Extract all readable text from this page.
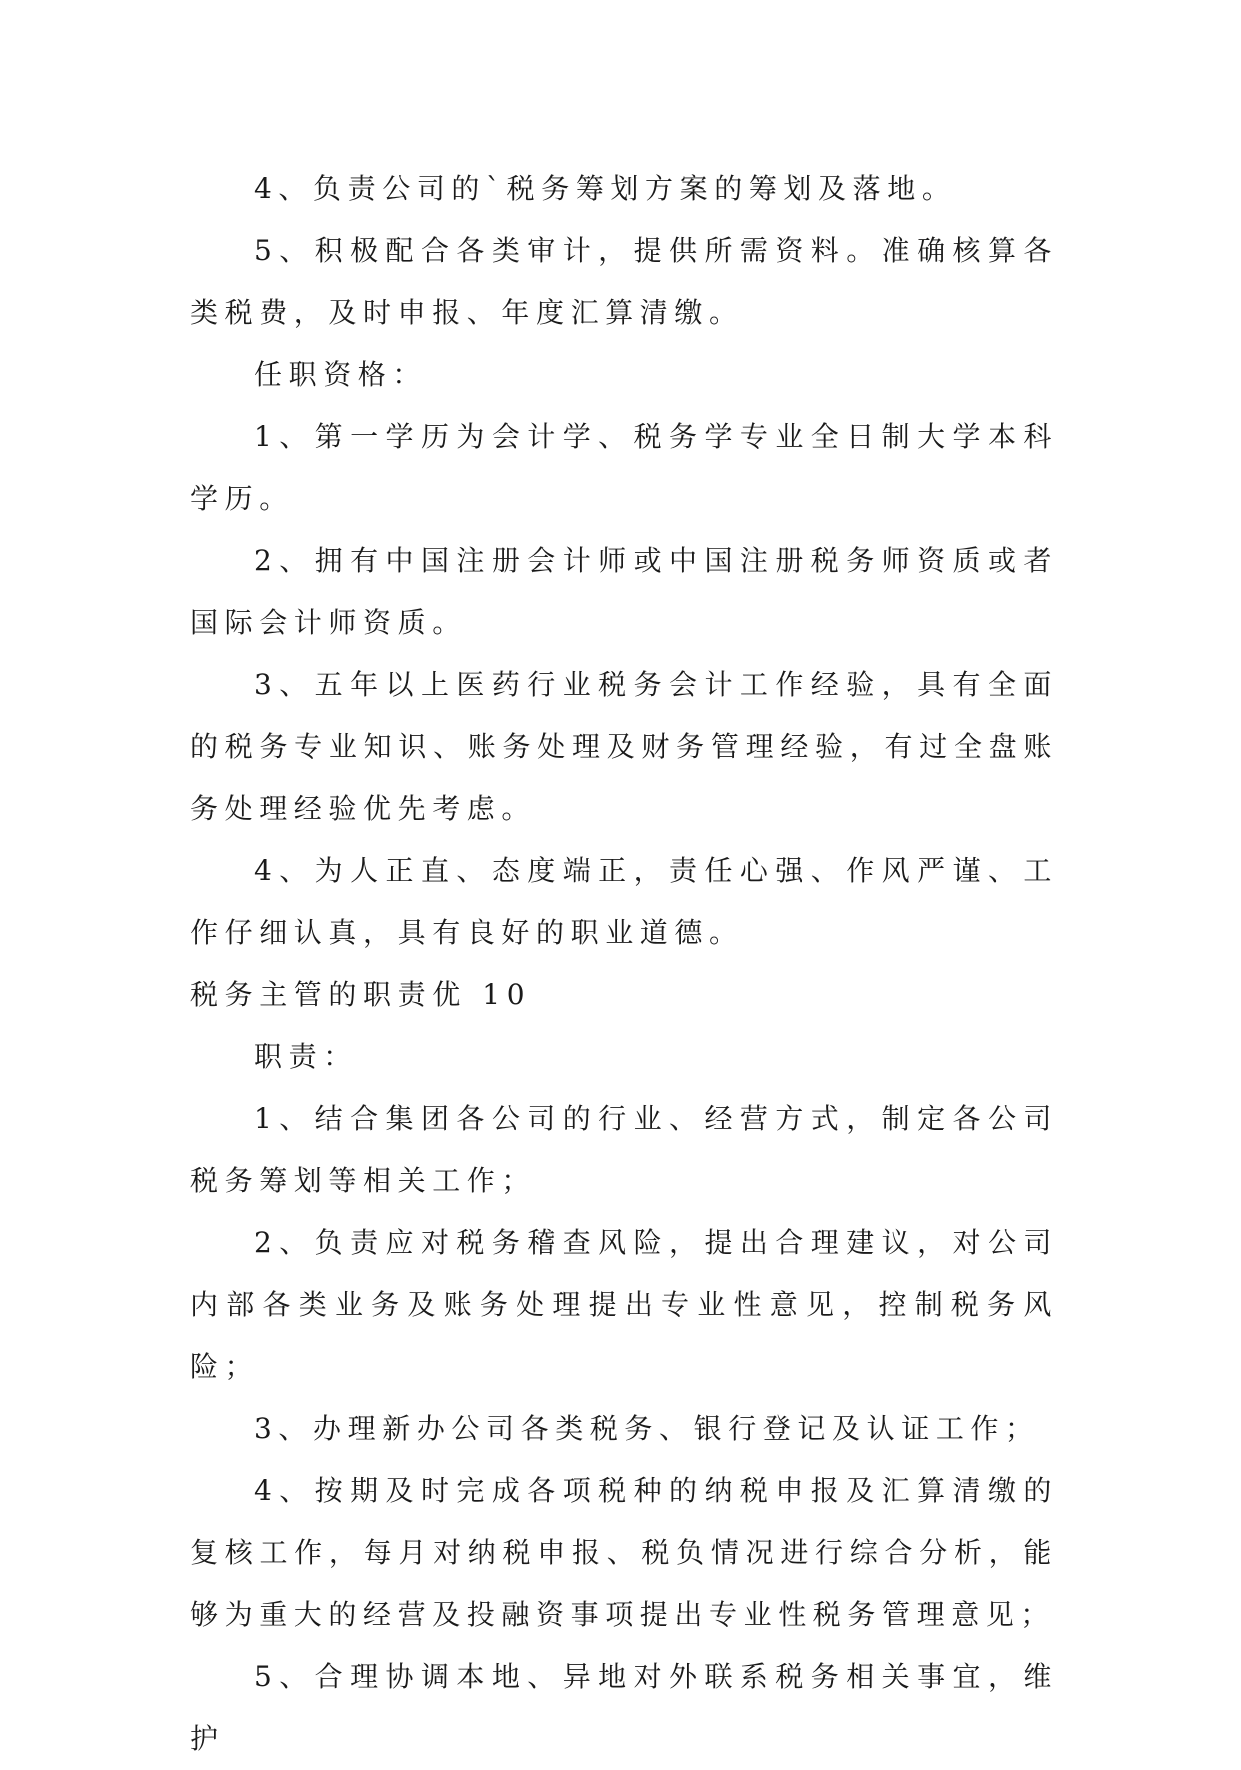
4、负责公司的`税务筹划方案的筹划及落地。

5、积极配合各类审计，提供所需资料。准确核算各类税费，及时申报、年度汇算清缴。

任职资格：

1、第一学历为会计学、税务学专业全日制大学本科学历。

2、拥有中国注册会计师或中国注册税务师资质或者国际会计师资质。

3、五年以上医药行业税务会计工作经验，具有全面的税务专业知识、账务处理及财务管理经验，有过全盘账务处理经验优先考虑。

4、为人正直、态度端正，责任心强、作风严谨、工作仔细认真，具有良好的职业道德。

税务主管的职责优 10

职责：

1、结合集团各公司的行业、经营方式，制定各公司税务筹划等相关工作；

2、负责应对税务稽查风险，提出合理建议，对公司内部各类业务及账务处理提出专业性意见，控制税务风险；

3、办理新办公司各类税务、银行登记及认证工作；

4、按期及时完成各项税种的纳税申报及汇算清缴的复核工作，每月对纳税申报、税负情况进行综合分析，能够为重大的经营及投融资事项提出专业性税务管理意见；

5、合理协调本地、异地对外联系税务相关事宜，维护
